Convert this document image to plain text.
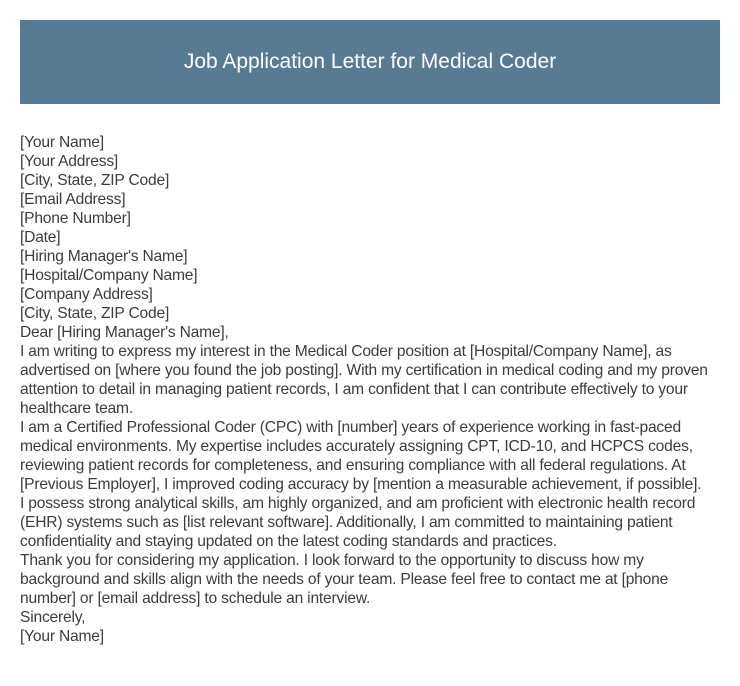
Job Application Letter for Medical Coder
[Your Name]
[Your Address]
[City, State, ZIP Code]
[Email Address]
[Phone Number]
[Date]
[Hiring Manager's Name]
[Hospital/Company Name]
[Company Address]
[City, State, ZIP Code]
Dear [Hiring Manager's Name],
I am writing to express my interest in the Medical Coder position at [Hospital/Company Name], as advertised on [where you found the job posting]. With my certification in medical coding and my proven attention to detail in managing patient records, I am confident that I can contribute effectively to your healthcare team.
I am a Certified Professional Coder (CPC) with [number] years of experience working in fast-paced medical environments. My expertise includes accurately assigning CPT, ICD-10, and HCPCS codes, reviewing patient records for completeness, and ensuring compliance with all federal regulations. At [Previous Employer], I improved coding accuracy by [mention a measurable achievement, if possible].
I possess strong analytical skills, am highly organized, and am proficient with electronic health record (EHR) systems such as [list relevant software]. Additionally, I am committed to maintaining patient confidentiality and staying updated on the latest coding standards and practices.
Thank you for considering my application. I look forward to the opportunity to discuss how my background and skills align with the needs of your team. Please feel free to contact me at [phone number] or [email address] to schedule an interview.
Sincerely,
[Your Name]
